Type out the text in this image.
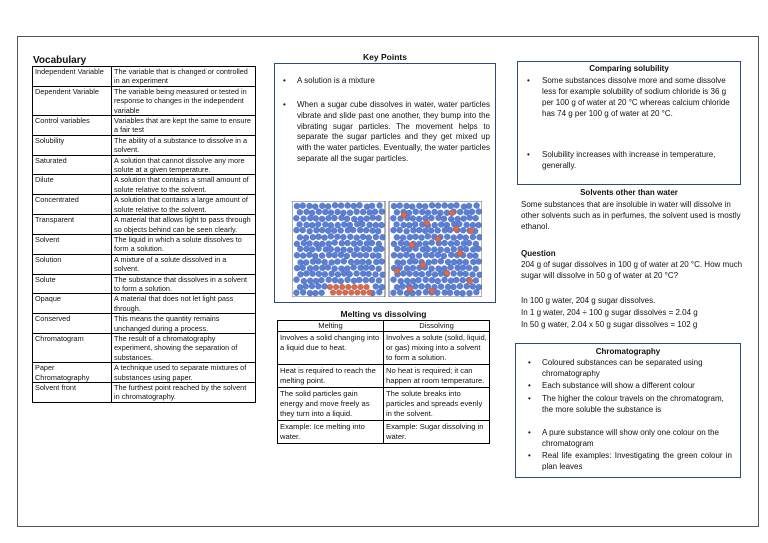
Vocabulary
Independent Variable	The variable that is changed or controlled in an experiment
Dependent Variable	The variable being measured or tested in response to changes in the independent variable
Control variables	Variables that are kept the same to ensure a fair test
Solubility	The ability of a substance to dissolve in a solvent.
Saturated	A solution that cannot dissolve any more solute at a given temperature.
Dilute	A solution that contains a small amount of solute relative to the solvent.
Concentrated	A solution that contains a large amount of solute relative to the solvent.
Transparent	A material that allows light to pass through so objects behind can be seen clearly.
Solvent	The liquid in which a solute dissolves to form a solution.
Solution	A mixture of a solute dissolved in a solvent.
Solute	The substance that dissolves in a solvent to form a solution.
Opaque	A material that does not let light pass through.
Conserved	This means the quantity remains unchanged during a process.
Chromatogram	The result of a chromatography experiment, showing the separation of substances.
Paper Chromatography	A technique used to separate mixtures of substances using paper.
Solvent front	The furthest point reached by the solvent in chromatography.
Key Points
• A solution is a mixture
• When a sugar cube dissolves in water, water particles vibrate and slide past one another, they bump into the vibrating sugar particles. The movement helps to separate the sugar particles and they get mixed up with the water particles. Eventually, the water particles separate all the sugar particles.
Melting vs dissolving
Melting	Dissolving
Involves a solid changing into a liquid due to heat.	Involves a solute (solid, liquid, or gas) mixing into a solvent to form a solution.
Heat is required to reach the melting point.	No heat is required; it can happen at room temperature.
The solid particles gain energy and move freely as they turn into a liquid.	The solute breaks into particles and spreads evenly in the solvent.
Example: Ice melting into water.	Example: Sugar dissolving in water.
Comparing solubility
• Some substances dissolve more and some dissolve less for example solubility of sodium chloride is 36 g per 100 g of water at 20 °C whereas calcium chloride has 74 g per 100 g of water at 20 °C.
• Solubility increases with increase in temperature, generally.
Solvents other than water
Some substances that are insoluble in water will dissolve in other solvents such as in perfumes, the solvent used is mostly ethanol.
Question
204 g of sugar dissolves in 100 g of water at 20 °C. How much sugar will dissolve in 50 g of water at 20 °C?
In 100 g water, 204 g sugar dissolves.
In 1 g water, 204 ÷ 100 g sugar dissolves = 2.04 g
In 50 g water, 2.04 x 50 g sugar dissolves = 102 g
Chromatography
• Coloured substances can be separated using chromatography
• Each substance will show a different colour
• The higher the colour travels on the chromatogram, the more soluble the substance is
• A pure substance will show only one colour on the chromatogram
• Real life examples: Investigating the green colour in plan leaves
